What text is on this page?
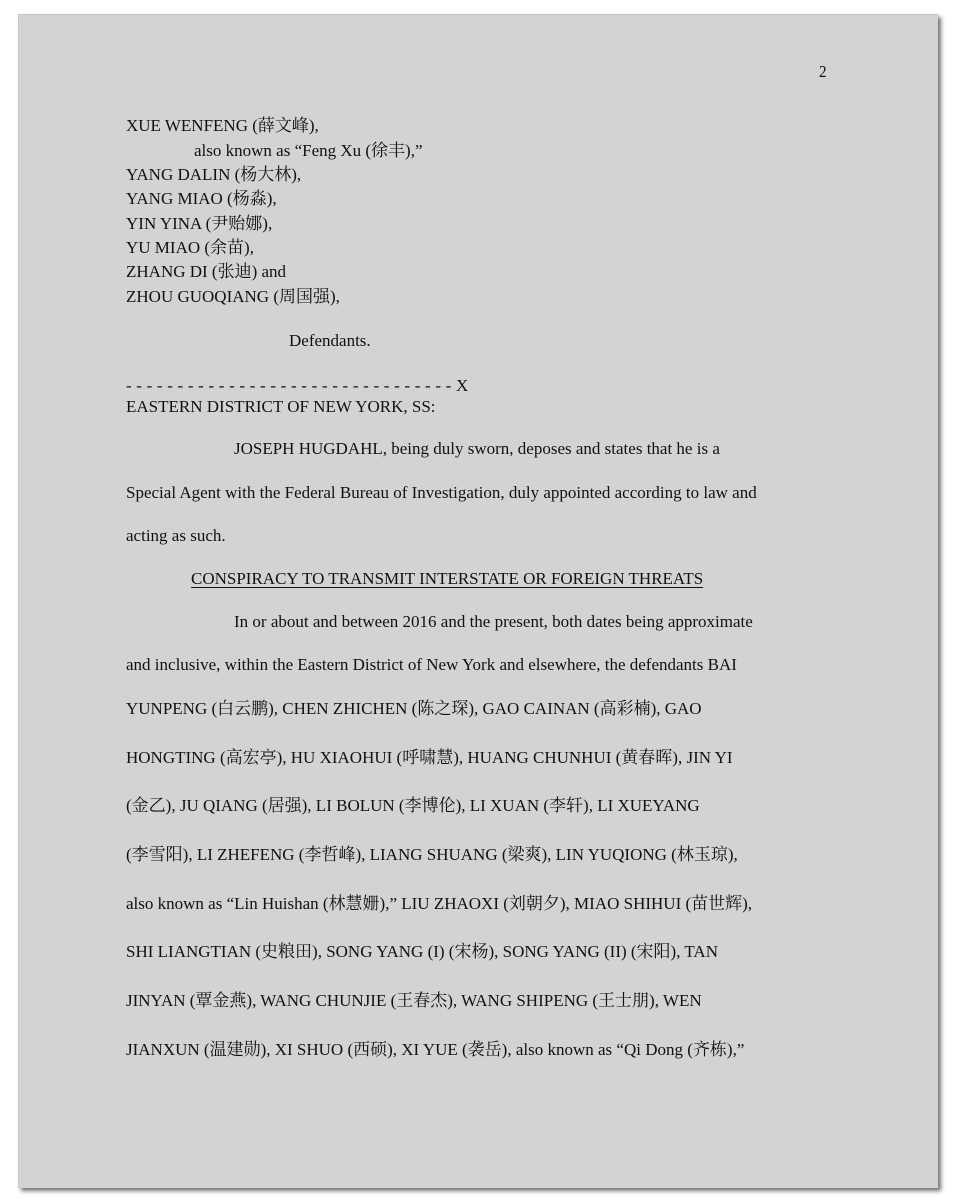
2

XUE WENFENG (薛文峰),

also known as “Feng Xu (徐丰),”

YANG DALIN (杨大林),

YANG MIAO (杨淼),

YIN YINA (尹贻娜),

YU MIAO (余苗),

ZHANG DI (张迪) and

ZHOU GUOQIANG (周国强),

Defendants.

- - - - - - - - - - - - - - - - - - - - - - - - - - - - - - - - X

EASTERN DISTRICT OF NEW YORK, SS:

JOSEPH HUGDAHL, being duly sworn, deposes and states that he is a

Special Agent with the Federal Bureau of Investigation, duly appointed according to law and

acting as such.

CONSPIRACY TO TRANSMIT INTERSTATE OR FOREIGN THREATS

In or about and between 2016 and the present, both dates being approximate

and inclusive, within the Eastern District of New York and elsewhere, the defendants BAI

YUNPENG (白云鹏), CHEN ZHICHEN (陈之琛), GAO CAINAN (高彩楠), GAO

HONGTING (高宏亭), HU XIAOHUI (呼啸慧), HUANG CHUNHUI (黄春晖), JIN YI

(金乙), JU QIANG (居强), LI BOLUN (李博伦), LI XUAN (李轩), LI XUEYANG

(李雪阳), LI ZHEFENG (李哲峰), LIANG SHUANG (梁爽), LIN YUQIONG (林玉琼),

also known as “Lin Huishan (林慧姗),” LIU ZHAOXI (刘朝夕), MIAO SHIHUI (苗世辉),

SHI LIANGTIAN (史粮田), SONG YANG (I) (宋杨), SONG YANG (II) (宋阳), TAN

JINYAN (覃金燕), WANG CHUNJIE (王春杰), WANG SHIPENG (王士朋), WEN

JIANXUN (温建勋), XI SHUO (西硕), XI YUE (袭岳), also known as “Qi Dong (齐栋),”
